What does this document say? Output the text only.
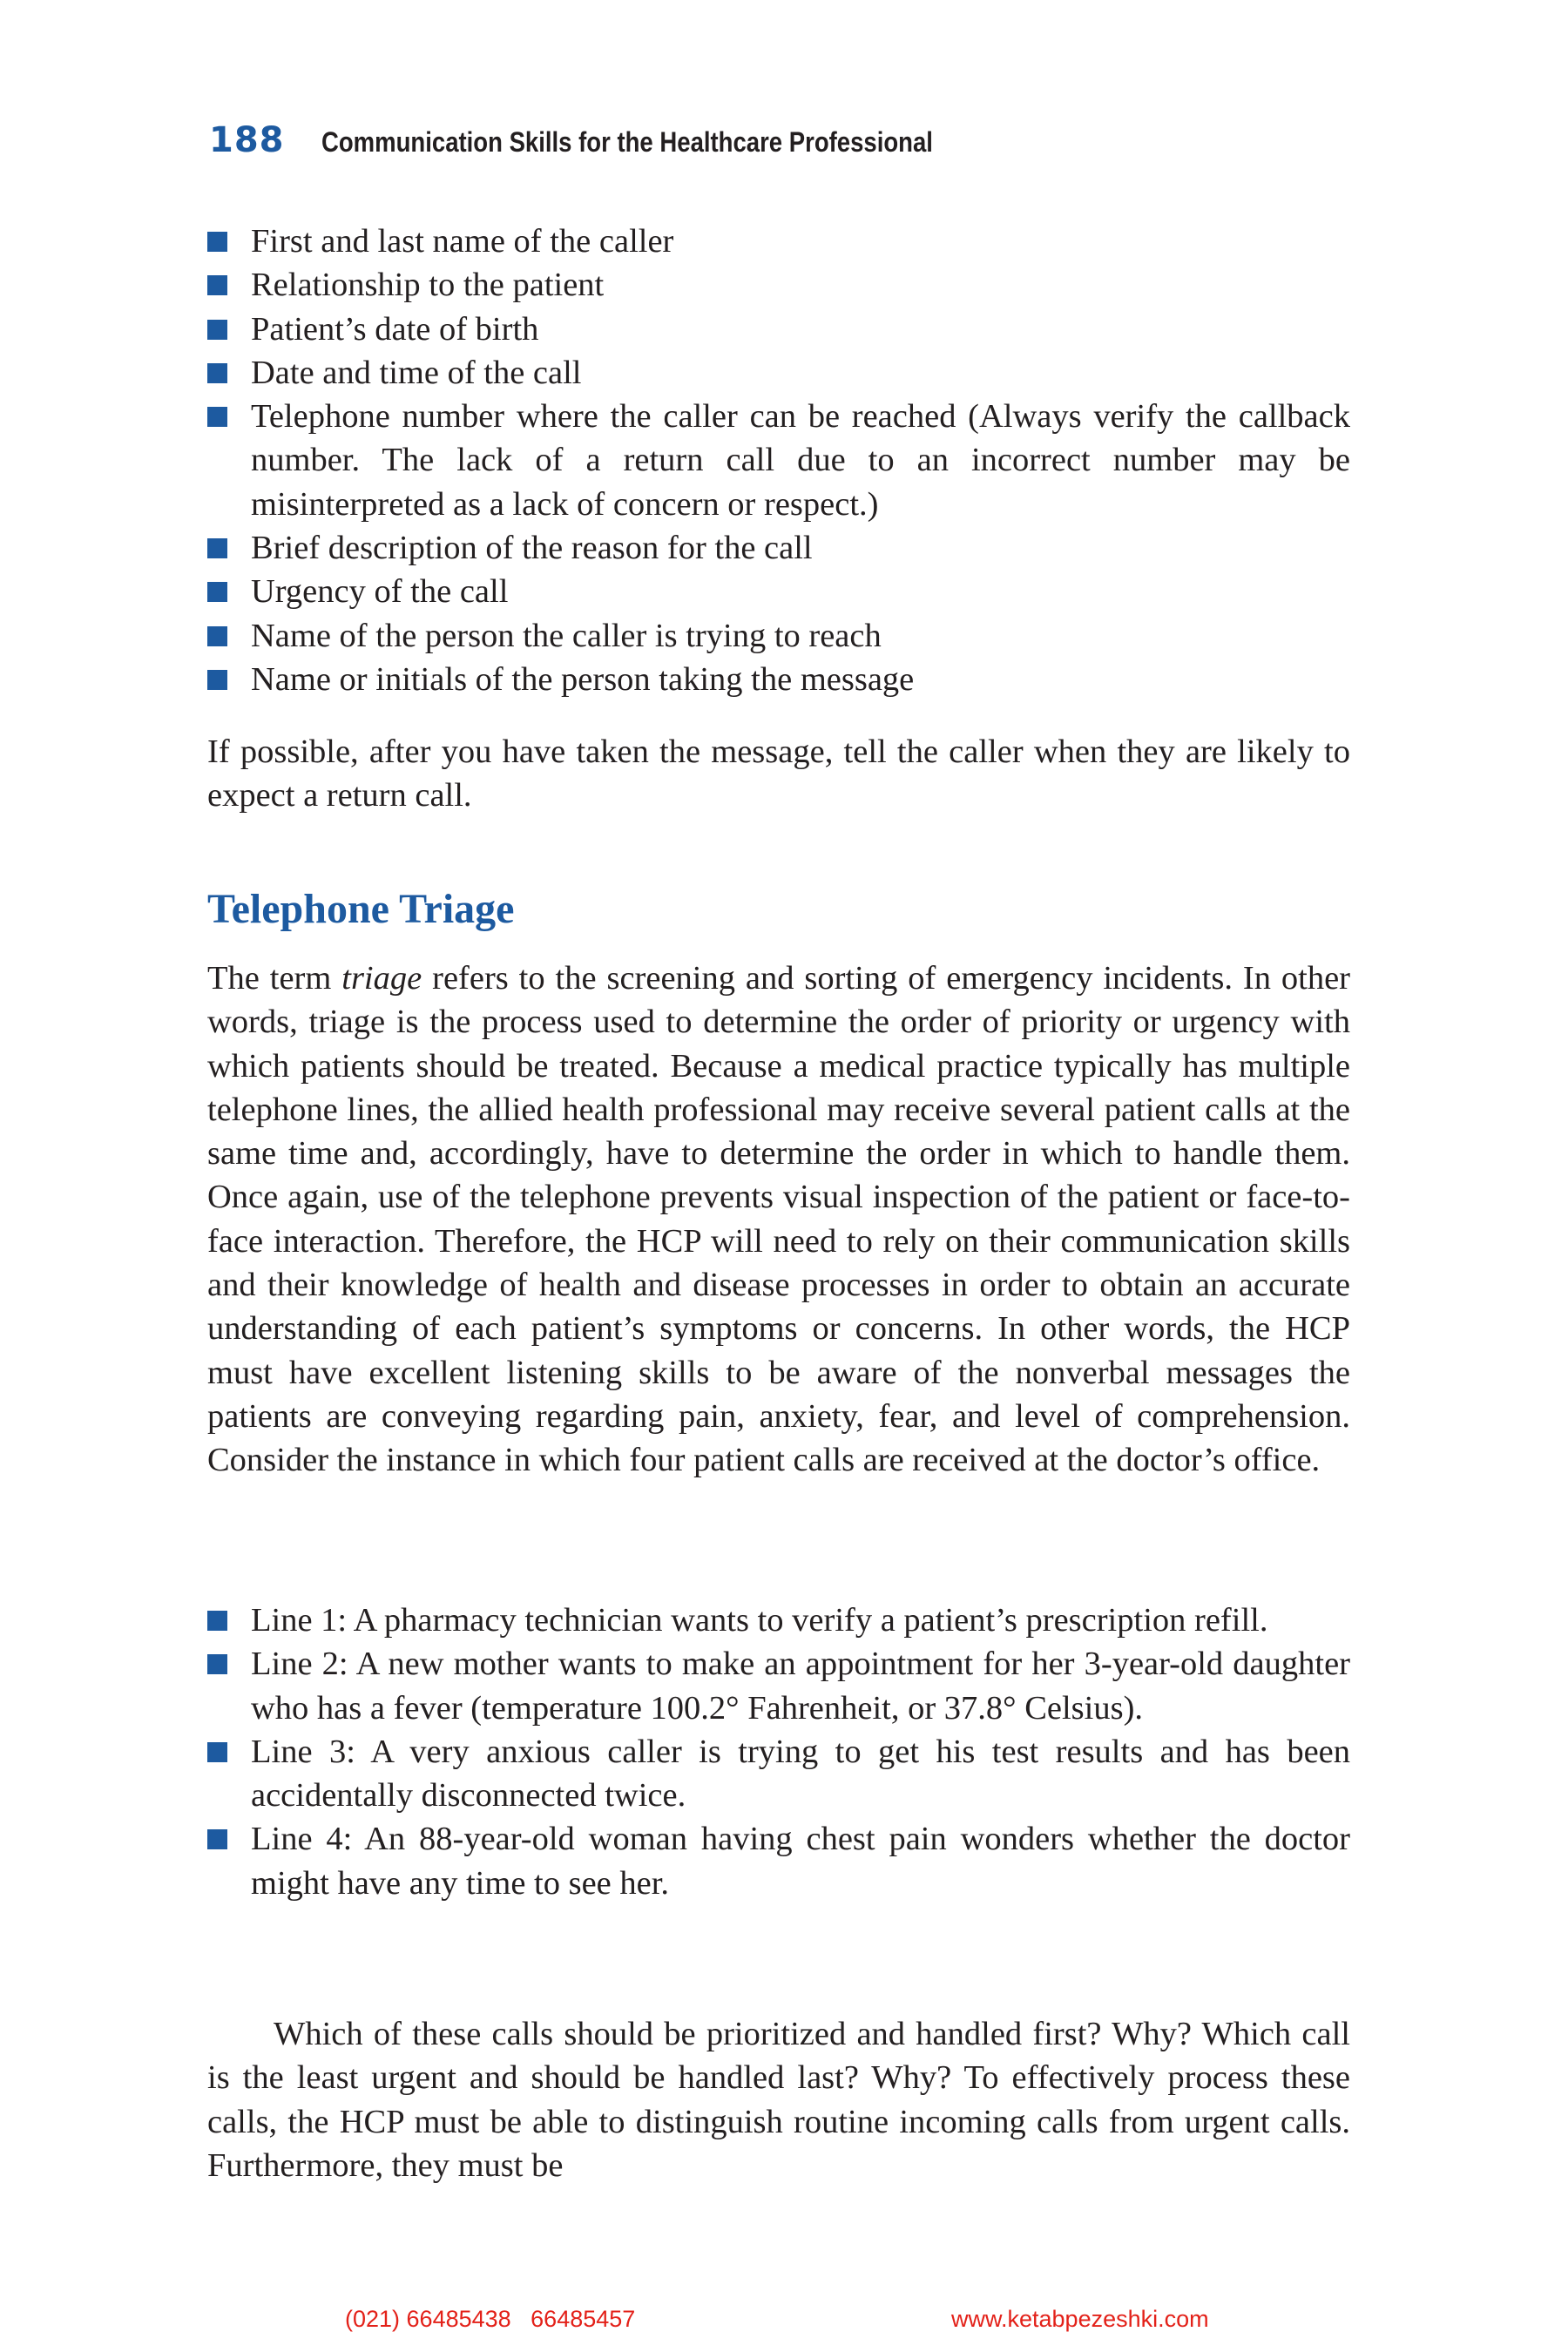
188 Communication Skills for the Healthcare Professional
First and last name of the caller
Relationship to the patient
Patient’s date of birth
Date and time of the call
Telephone number where the caller can be reached (Always verify the callback number. The lack of a return call due to an incorrect number may be misinterpreted as a lack of concern or respect.)
Brief description of the reason for the call
Urgency of the call
Name of the person the caller is trying to reach
Name or initials of the person taking the message

If possible, after you have taken the message, tell the caller when they are likely to expect a return call.

Telephone Triage

The term triage refers to the screening and sorting of emergency incidents. In other words, triage is the process used to determine the order of priority or urgency with which patients should be treated. Because a medical practice typically has multiple telephone lines, the allied health professional may receive several patient calls at the same time and, accordingly, have to determine the order in which to handle them. Once again, use of the telephone prevents visual inspection of the patient or face-to-face interaction. Therefore, the HCP will need to rely on their communication skills and their knowledge of health and disease processes in order to obtain an accurate understanding of each patient’s symptoms or concerns. In other words, the HCP must have excellent listening skills to be aware of the nonverbal messages the patients are conveying regarding pain, anxiety, fear, and level of comprehension. Consider the instance in which four patient calls are received at the doctor’s office.

Line 1: A pharmacy technician wants to verify a patient’s prescription refill.
Line 2: A new mother wants to make an appointment for her 3-year-old daughter who has a fever (temperature 100.2° Fahrenheit, or 37.8° Celsius).
Line 3: A very anxious caller is trying to get his test results and has been accidentally disconnected twice.
Line 4: An 88-year-old woman having chest pain wonders whether the doctor might have any time to see her.

Which of these calls should be prioritized and handled first? Why? Which call is the least urgent and should be handled last? Why? To effectively process these calls, the HCP must be able to distinguish routine incoming calls from urgent calls. Furthermore, they must be

(021) 66485438   66485457	www.ketabpezeshki.com
